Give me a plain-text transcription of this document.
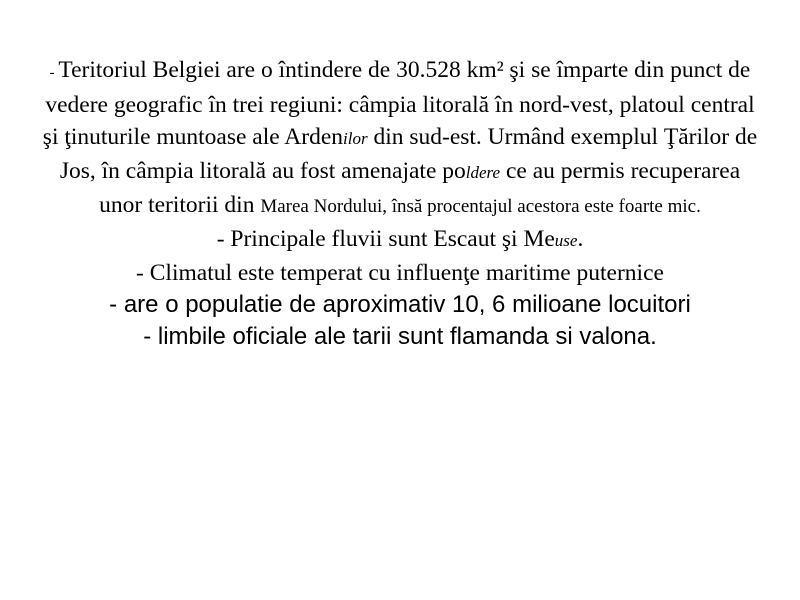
- Teritoriul Belgiei are o întindere de 30.528 km² şi se împarte din punct de vedere geografic în trei regiuni: câmpia litorală în nord-vest, platoul central şi ţinuturile muntoase ale Ardenilor din sud-est. Urmând exemplul Ţărilor de Jos, în câmpia litorală au fost amenajate poldere ce au permis recuperarea unor teritorii din Marea Nordului, însă procentajul acestora este foarte mic.

- Principale fluvii sunt Escaut şi Meuse.

- Climatul este temperat cu influenţe maritime puternice

- are o populatie de aproximativ 10, 6 milioane locuitori

- limbile oficiale ale tarii sunt flamanda si valona.
